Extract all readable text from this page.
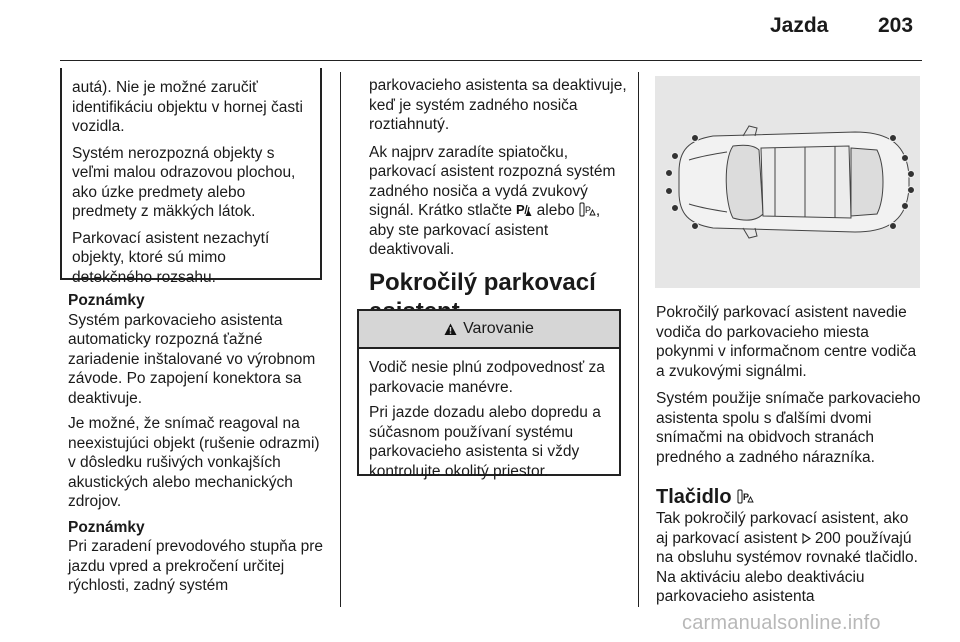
Jazda 203

autá). Nie je možné zaručiť identifikáciu objektu v hornej časti vozidla.

Systém nerozpozná objekty s veľmi malou odrazovou plochou, ako úzke predmety alebo predmety z mäkkých látok.

Parkovací asistent nezachytí objekty, ktoré sú mimo detekčného rozsahu.

Poznámky

Systém parkovacieho asistenta automaticky rozpozná ťažné zariadenie inštalované vo výrobnom závode. Po zapojení konektora sa deaktivuje.

Je možné, že snímač reagoval na neexistujúci objekt (rušenie odrazmi) v dôsledku rušivých vonkajších akustických alebo mechanických zdrojov.

Poznámky

Pri zaradení prevodového stupňa pre jazdu vpred a prekročení určitej rýchlosti, zadný systém

parkovacieho asistenta sa deaktivuje, keď je systém zadného nosiča roztiahnutý.

Ak najprv zaradíte spiatočku, parkovací asistent rozpozná systém zadného nosiča a vydá zvukový signál. Krátko stlačte P alebo P , aby ste parkovací asistent deaktivovali.

Pokročilý parkovací
Varovanie

Vodič nesie plnú zodpovednosť za parkovacie manévre.

Pri jazde dozadu alebo dopredu a súčasnom používaní systému parkovacieho asistenta si vždy kontrolujte okolitý priestor.

Pokročilý parkovací asistent navedie vodiča do parkovacieho miesta pokynmi v informačnom centre vodiča a zvukovými signálmi.

Systém použije snímače parkovacieho asistenta spolu s ďalšími dvomi snímačmi na obidvoch stranách predného a zadného nárazníka.

Tlačidlo P

Tak pokročilý parkovací asistent, ako aj parkovací asistent 200 používajú na obsluhu systémov rovnaké tlačidlo. Na aktiváciu alebo deaktiváciu parkovacieho asistenta

carmanualsonline.info
